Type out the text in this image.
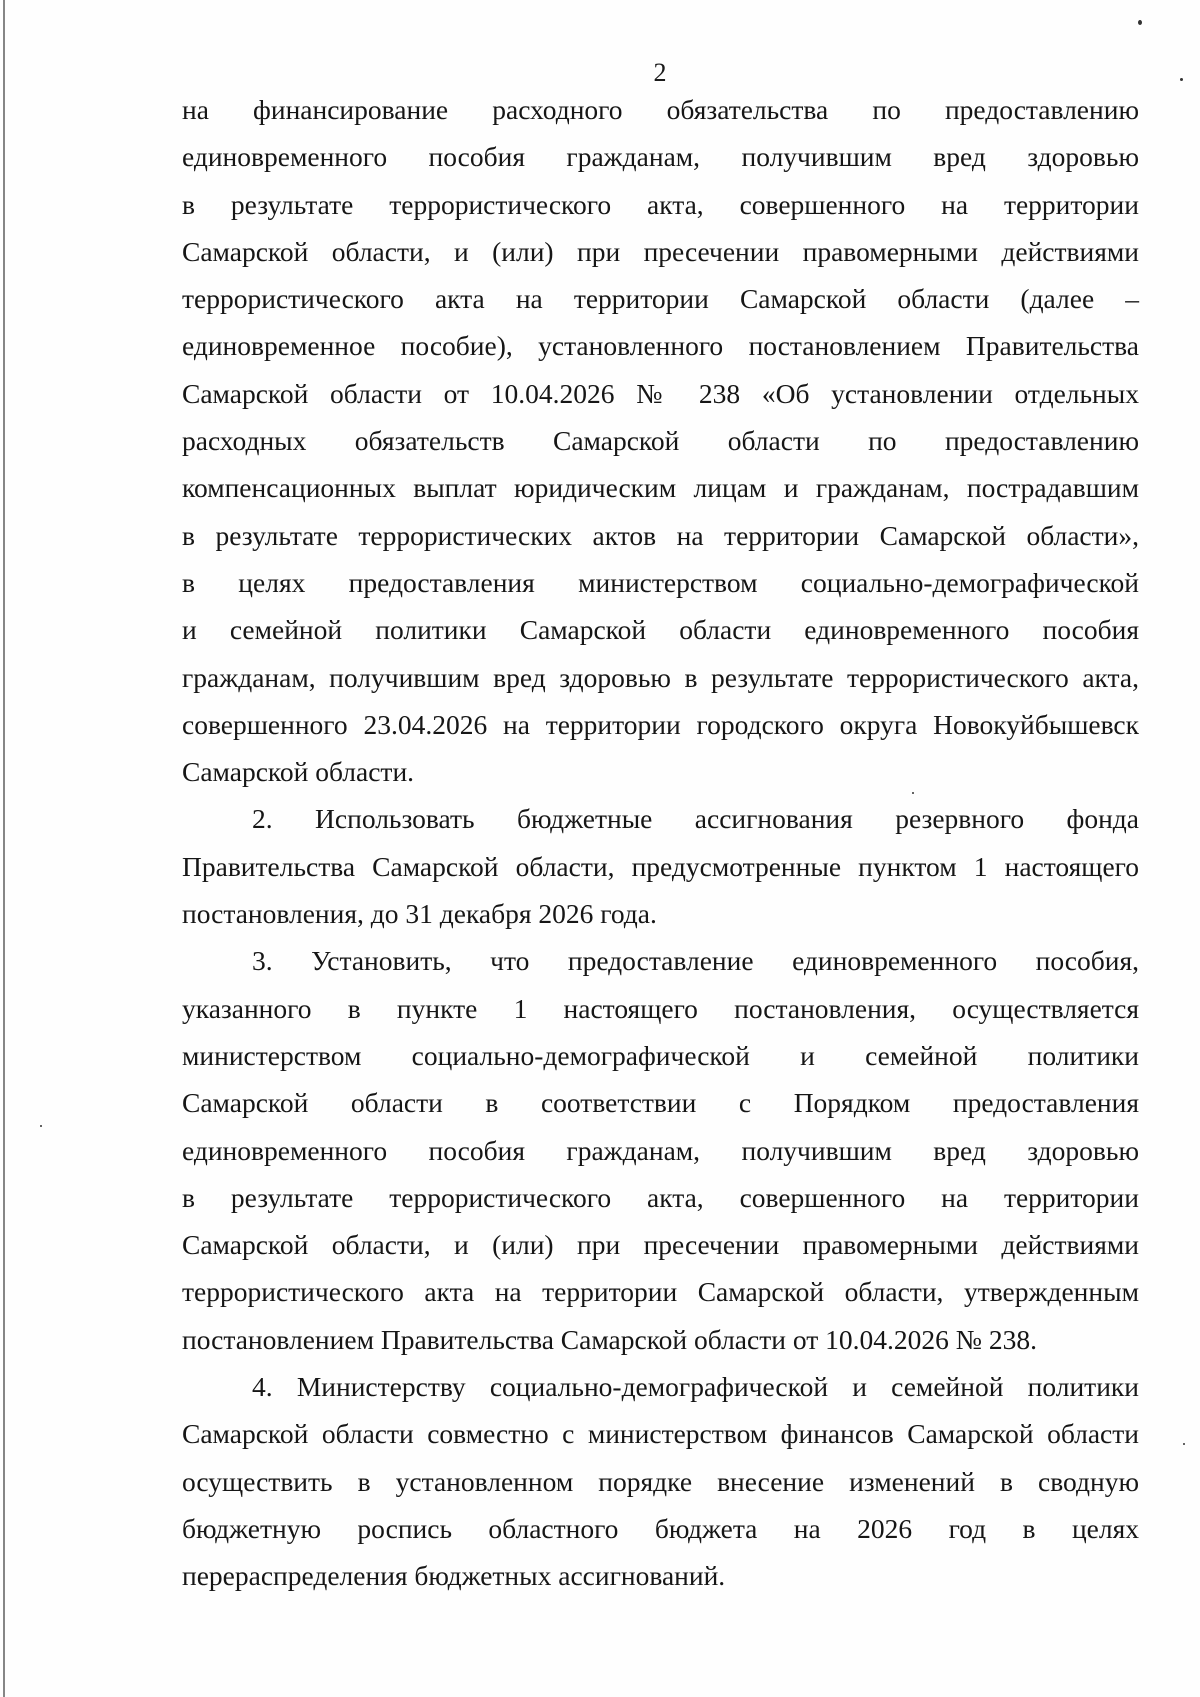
2

на финансирование расходного обязательства по предоставлению
единовременного пособия гражданам, получившим вред здоровью
в результате террористического акта, совершенного на территории
Самарской области, и (или) при пресечении правомерными действиями
террористического акта на территории Самарской области (далее –
единовременное пособие), установленного постановлением Правительства
Самарской области от 10.04.2026 № 238 «Об установлении отдельных
расходных обязательств Самарской области по предоставлению
компенсационных выплат юридическим лицам и гражданам, пострадавшим
в результате террористических актов на территории Самарской области»,
в целях предоставления министерством социально-демографической
и семейной политики Самарской области единовременного пособия
гражданам, получившим вред здоровью в результате террористического акта,
совершенного 23.04.2026 на территории городского округа Новокуйбышевск
Самарской области.

2. Использовать бюджетные ассигнования резервного фонда
Правительства Самарской области, предусмотренные пунктом 1 настоящего
постановления, до 31 декабря 2026 года.

3. Установить, что предоставление единовременного пособия,
указанного в пункте 1 настоящего постановления, осуществляется
министерством социально-демографической и семейной политики
Самарской области в соответствии с Порядком предоставления
единовременного пособия гражданам, получившим вред здоровью
в результате террористического акта, совершенного на территории
Самарской области, и (или) при пресечении правомерными действиями
террористического акта на территории Самарской области, утвержденным
постановлением Правительства Самарской области от 10.04.2026 № 238.

4. Министерству социально-демографической и семейной политики
Самарской области совместно с министерством финансов Самарской области
осуществить в установленном порядке внесение изменений в сводную
бюджетную роспись областного бюджета на 2026 год в целях
перераспределения бюджетных ассигнований.
